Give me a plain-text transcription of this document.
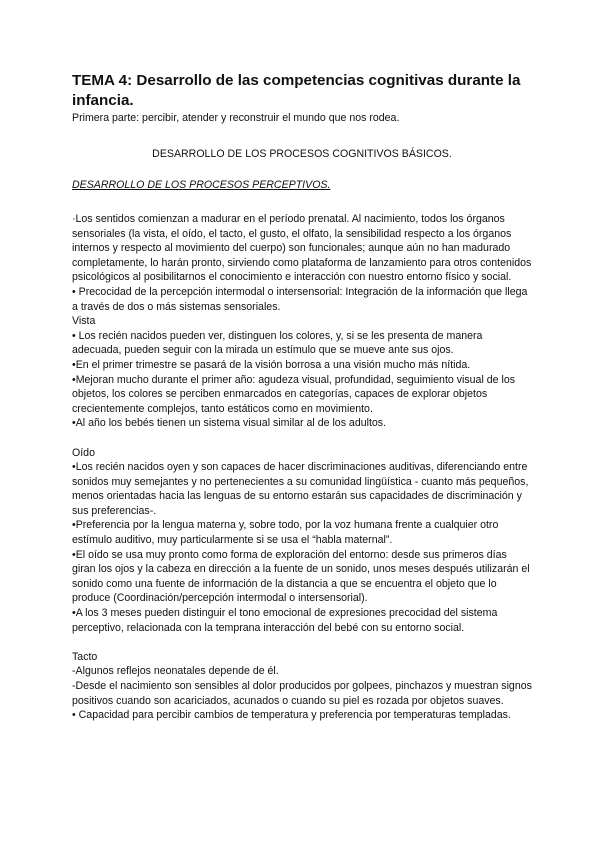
TEMA 4: Desarrollo de las competencias cognitivas durante la infancia.

Primera parte: percibir, atender y reconstruir el mundo que nos rodea.

DESARROLLO DE LOS PROCESOS COGNITIVOS BÁSICOS.

DESARROLLO DE LOS PROCESOS PERCEPTIVOS.

·Los sentidos comienzan a madurar en el período prenatal. Al nacimiento, todos los órganos sensoriales (la vista, el oído, el tacto, el gusto, el olfato, la sensibilidad respecto a los órganos internos y respecto al movimiento del cuerpo) son funcionales; aunque aún no han madurado completamente, lo harán pronto, sirviendo como plataforma de lanzamiento para otros contenidos psicológicos al posibilitarnos el conocimiento e interacción con nuestro entorno físico y social.

• Precocidad de la percepción intermodal o intersensorial: Integración de la información que llega a través de dos o más sistemas sensoriales.

Vista

• Los recién nacidos pueden ver, distinguen los colores, y, si se les presenta de manera adecuada, pueden seguir con la mirada un estímulo que se mueve ante sus ojos.

•En el primer trimestre se pasará de la visión borrosa a una visión mucho más nítida.

•Mejoran mucho durante el primer año: agudeza visual, profundidad, seguimiento visual de los objetos, los colores se perciben enmarcados en categorías, capaces de explorar objetos crecientemente complejos, tanto estáticos como en movimiento.

•Al año los bebés tienen un sistema visual similar al de los adultos.

Oído

•Los recién nacidos oyen y son capaces de hacer discriminaciones auditivas, diferenciando entre sonidos muy semejantes y no pertenecientes a su comunidad lingüística - cuanto más pequeños, menos orientadas hacia las lenguas de su entorno estarán sus capacidades de discriminación y sus preferencias-.

•Preferencia por la lengua materna y, sobre todo, por la voz humana frente a cualquier otro estímulo auditivo, muy particularmente si se usa el “habla maternal”.

•El oído se usa muy pronto como forma de exploración del entorno: desde sus primeros días giran los ojos y la cabeza en dirección a la fuente de un sonido, unos meses después utilizarán el sonido como una fuente de información de la distancia a que se encuentra el objeto que lo produce (Coordinación/percepción intermodal o intersensorial).

•A los 3 meses pueden distinguir el tono emocional de expresiones precocidad del sistema perceptivo, relacionada con la temprana interacción del bebé con su entorno social.

Tacto

-Algunos reflejos neonatales depende de él.

-Desde el nacimiento son sensibles al dolor producidos por golpees, pinchazos y muestran signos positivos cuando son acariciados, acunados o cuando su piel es rozada por objetos suaves.

• Capacidad para percibir cambios de temperatura y preferencia por temperaturas templadas.
